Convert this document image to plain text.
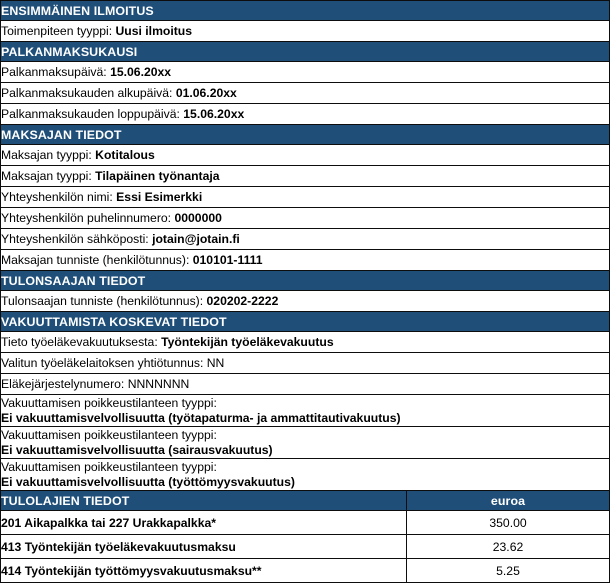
ENSIMMÄINEN ILMOITUS	
Toimenpiteen tyyppi: Uusi ilmoitus	
PALKANMAKSUKAUSI	
Palkanmaksupäivä: 15.06.20xx	
Palkanmaksukauden alkupäivä: 01.06.20xx	
Palkanmaksukauden loppupäivä: 15.06.20xx	
MAKSAJAN TIEDOT	
Maksajan tyyppi: Kotitalous	
Maksajan tyyppi: Tilapäinen työnantaja	
Yhteyshenkilön nimi: Essi Esimerkki	
Yhteyshenkilön puhelinnumero: 0000000	
Yhteyshenkilön sähköposti: jotain@jotain.fi	
Maksajan tunniste (henkilötunnus): 010101-1111	
TULONSAAJAN TIEDOT	
Tulonsaajan tunniste (henkilötunnus): 020202-2222	
VAKUUTTAMISTA KOSKEVAT TIEDOT	
Tieto työeläkevakuutuksesta: Työntekijän työeläkevakuutus	
Valitun työeläkelaitoksen yhtiötunnus: NN	
Eläkejärjestelynumero: NNNNNNN	

Vakuuttamisen poikkeustilanteen tyyppi:
Ei vakuuttamisvelvollisuutta (työtapaturma- ja ammattitautivakuutus)	

Vakuuttamisen poikkeustilanteen tyyppi:
Ei vakuuttamisvelvollisuutta (sairausvakuutus)	

Vakuuttamisen poikkeustilanteen tyyppi:
Ei vakuuttamisvelvollisuutta (työttömyysvakuutus)	

TULOLAJIEN TIEDOT	euroa
201 Aikapalkka tai 227 Urakkapalkka*	350.00
413 Työntekijän työeläkevakuutusmaksu	23.62
414 Työntekijän työttömyysvakuutusmaksu**	5.25
